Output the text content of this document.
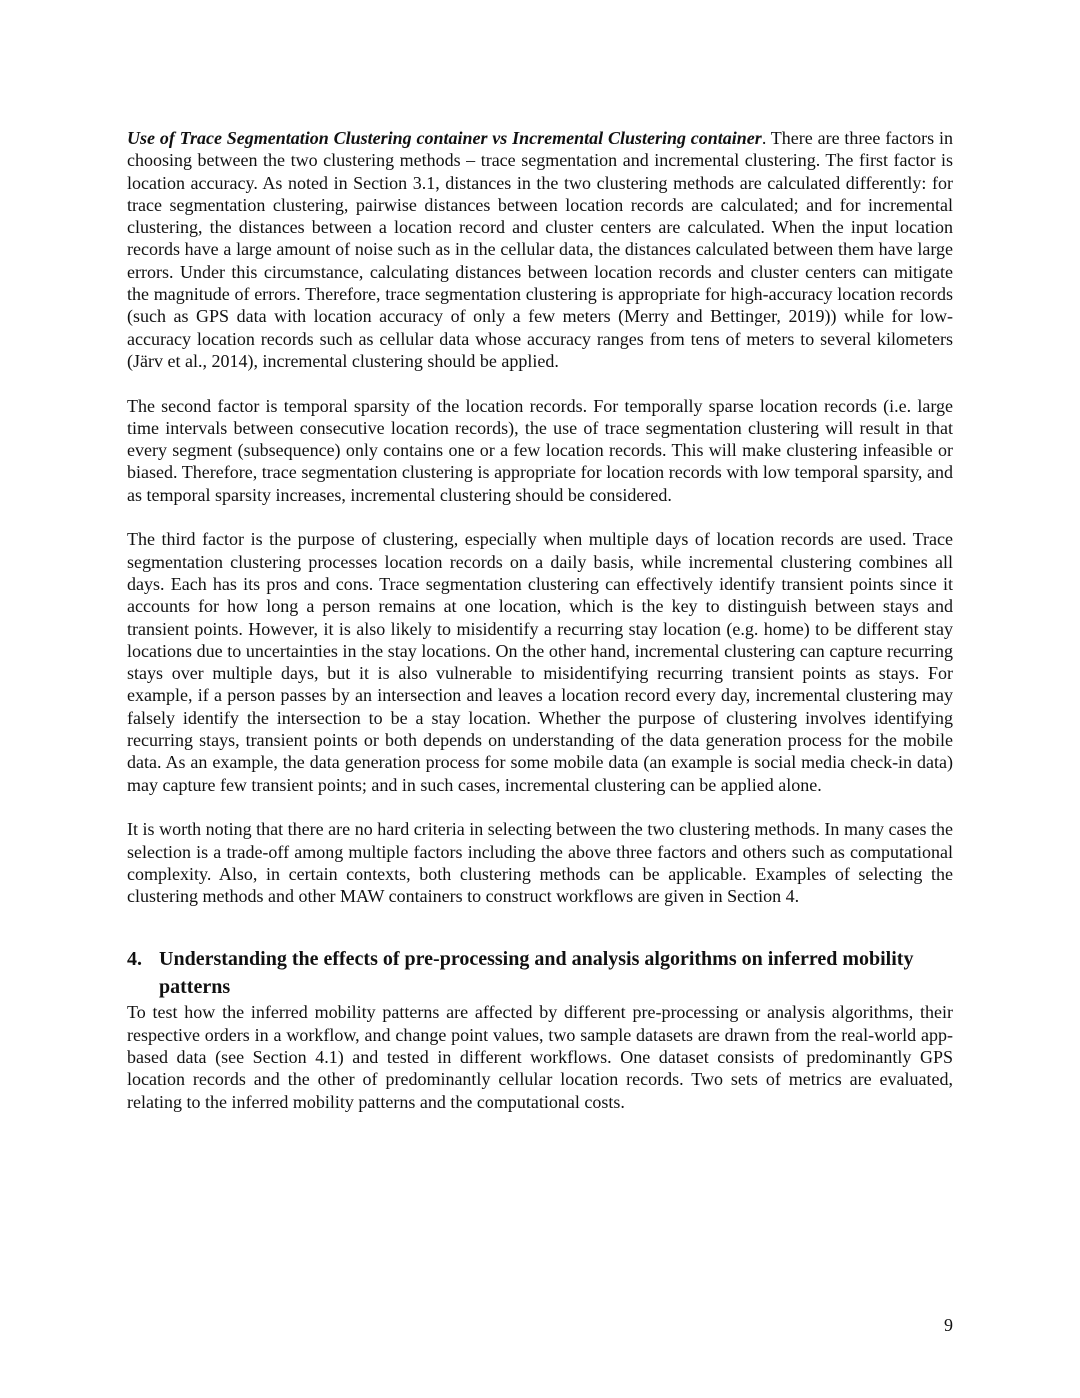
Use of Trace Segmentation Clustering container vs Incremental Clustering container. There are three factors in choosing between the two clustering methods – trace segmentation and incremental clustering. The first factor is location accuracy. As noted in Section 3.1, distances in the two clustering methods are calculated differently: for trace segmentation clustering, pairwise distances between location records are calculated; and for incremental clustering, the distances between a location record and cluster centers are calculated. When the input location records have a large amount of noise such as in the cellular data, the distances calculated between them have large errors. Under this circumstance, calculating distances between location records and cluster centers can mitigate the magnitude of errors. Therefore, trace segmentation clustering is appropriate for high-accuracy location records (such as GPS data with location accuracy of only a few meters (Merry and Bettinger, 2019)) while for low-accuracy location records such as cellular data whose accuracy ranges from tens of meters to several kilometers (Järv et al., 2014), incremental clustering should be applied.

The second factor is temporal sparsity of the location records. For temporally sparse location records (i.e. large time intervals between consecutive location records), the use of trace segmentation clustering will result in that every segment (subsequence) only contains one or a few location records. This will make clustering infeasible or biased. Therefore, trace segmentation clustering is appropriate for location records with low temporal sparsity, and as temporal sparsity increases, incremental clustering should be considered.

The third factor is the purpose of clustering, especially when multiple days of location records are used. Trace segmentation clustering processes location records on a daily basis, while incremental clustering combines all days. Each has its pros and cons. Trace segmentation clustering can effectively identify transient points since it accounts for how long a person remains at one location, which is the key to distinguish between stays and transient points. However, it is also likely to misidentify a recurring stay location (e.g. home) to be different stay locations due to uncertainties in the stay locations. On the other hand, incremental clustering can capture recurring stays over multiple days, but it is also vulnerable to misidentifying recurring transient points as stays. For example, if a person passes by an intersection and leaves a location record every day, incremental clustering may falsely identify the intersection to be a stay location. Whether the purpose of clustering involves identifying recurring stays, transient points or both depends on understanding of the data generation process for the mobile data. As an example, the data generation process for some mobile data (an example is social media check-in data) may capture few transient points; and in such cases, incremental clustering can be applied alone.

It is worth noting that there are no hard criteria in selecting between the two clustering methods. In many cases the selection is a trade-off among multiple factors including the above three factors and others such as computational complexity. Also, in certain contexts, both clustering methods can be applicable. Examples of selecting the clustering methods and other MAW containers to construct workflows are given in Section 4.

4. Understanding the effects of pre-processing and analysis algorithms on inferred mobility patterns

To test how the inferred mobility patterns are affected by different pre-processing or analysis algorithms, their respective orders in a workflow, and change point values, two sample datasets are drawn from the real-world app-based data (see Section 4.1) and tested in different workflows. One dataset consists of predominantly GPS location records and the other of predominantly cellular location records. Two sets of metrics are evaluated, relating to the inferred mobility patterns and the computational costs.

9
